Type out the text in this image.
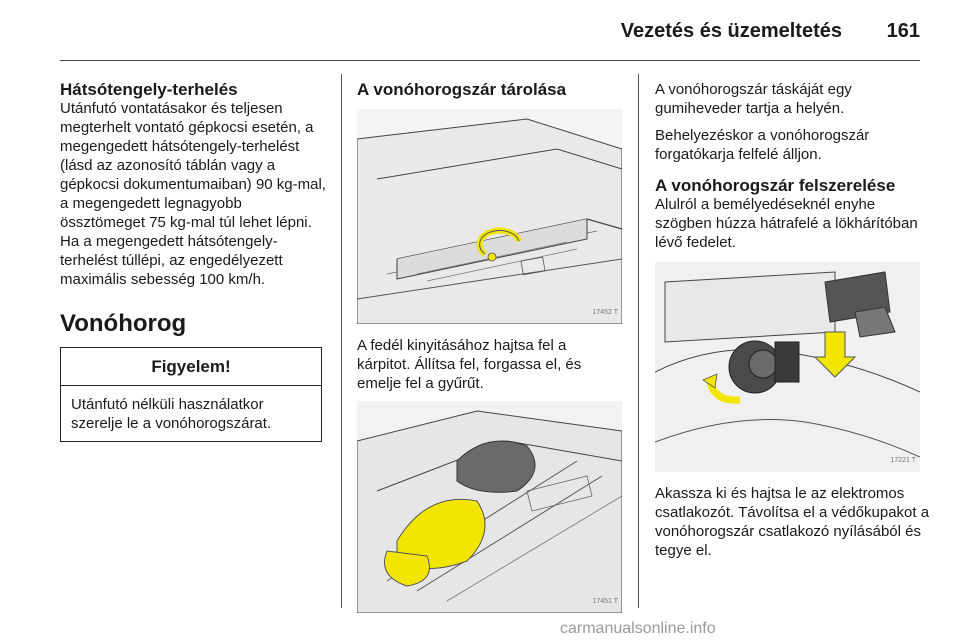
Vezetés és üzemeltetés 161
Hátsótengely-terhelés

Utánfutó vontatásakor és teljesen megterhelt vontató gépkocsi esetén, a megengedett hátsótengely-terhelést (lásd az azonosító táblán vagy a gépkocsi dokumentumaiban) 90 kg-mal, a megengedett legnagyobb össztömeget 75 kg-mal túl lehet lépni. Ha a megengedett hátsótengely-terhelést túllépi, az engedélyezett maximális sebesség 100 km/h.

Vonóhorog
Figyelem!
Utánfutó nélküli használatkor szerelje le a vonóhorogszárat.
A vonóhorogszár tárolása
17452 T

A fedél kinyitásához hajtsa fel a kárpitot. Állítsa fel, forgassa el, és emelje fel a gyűrűt.

17451 T

A vonóhorogszár táskáját egy gumiheveder tartja a helyén.

Behelyezéskor a vonóhorogszár forgatókarja felfelé álljon.

A vonóhorogszár felszerelése

Alulról a bemélyedéseknél enyhe szögben húzza hátrafelé a lökhárítóban lévő fedelet.

17221 T

Akassza ki és hajtsa le az elektromos csatlakozót. Távolítsa el a védőkupakot a vonóhorogszár csatlakozó nyílásából és tegye el.

carmanualsonline.info
